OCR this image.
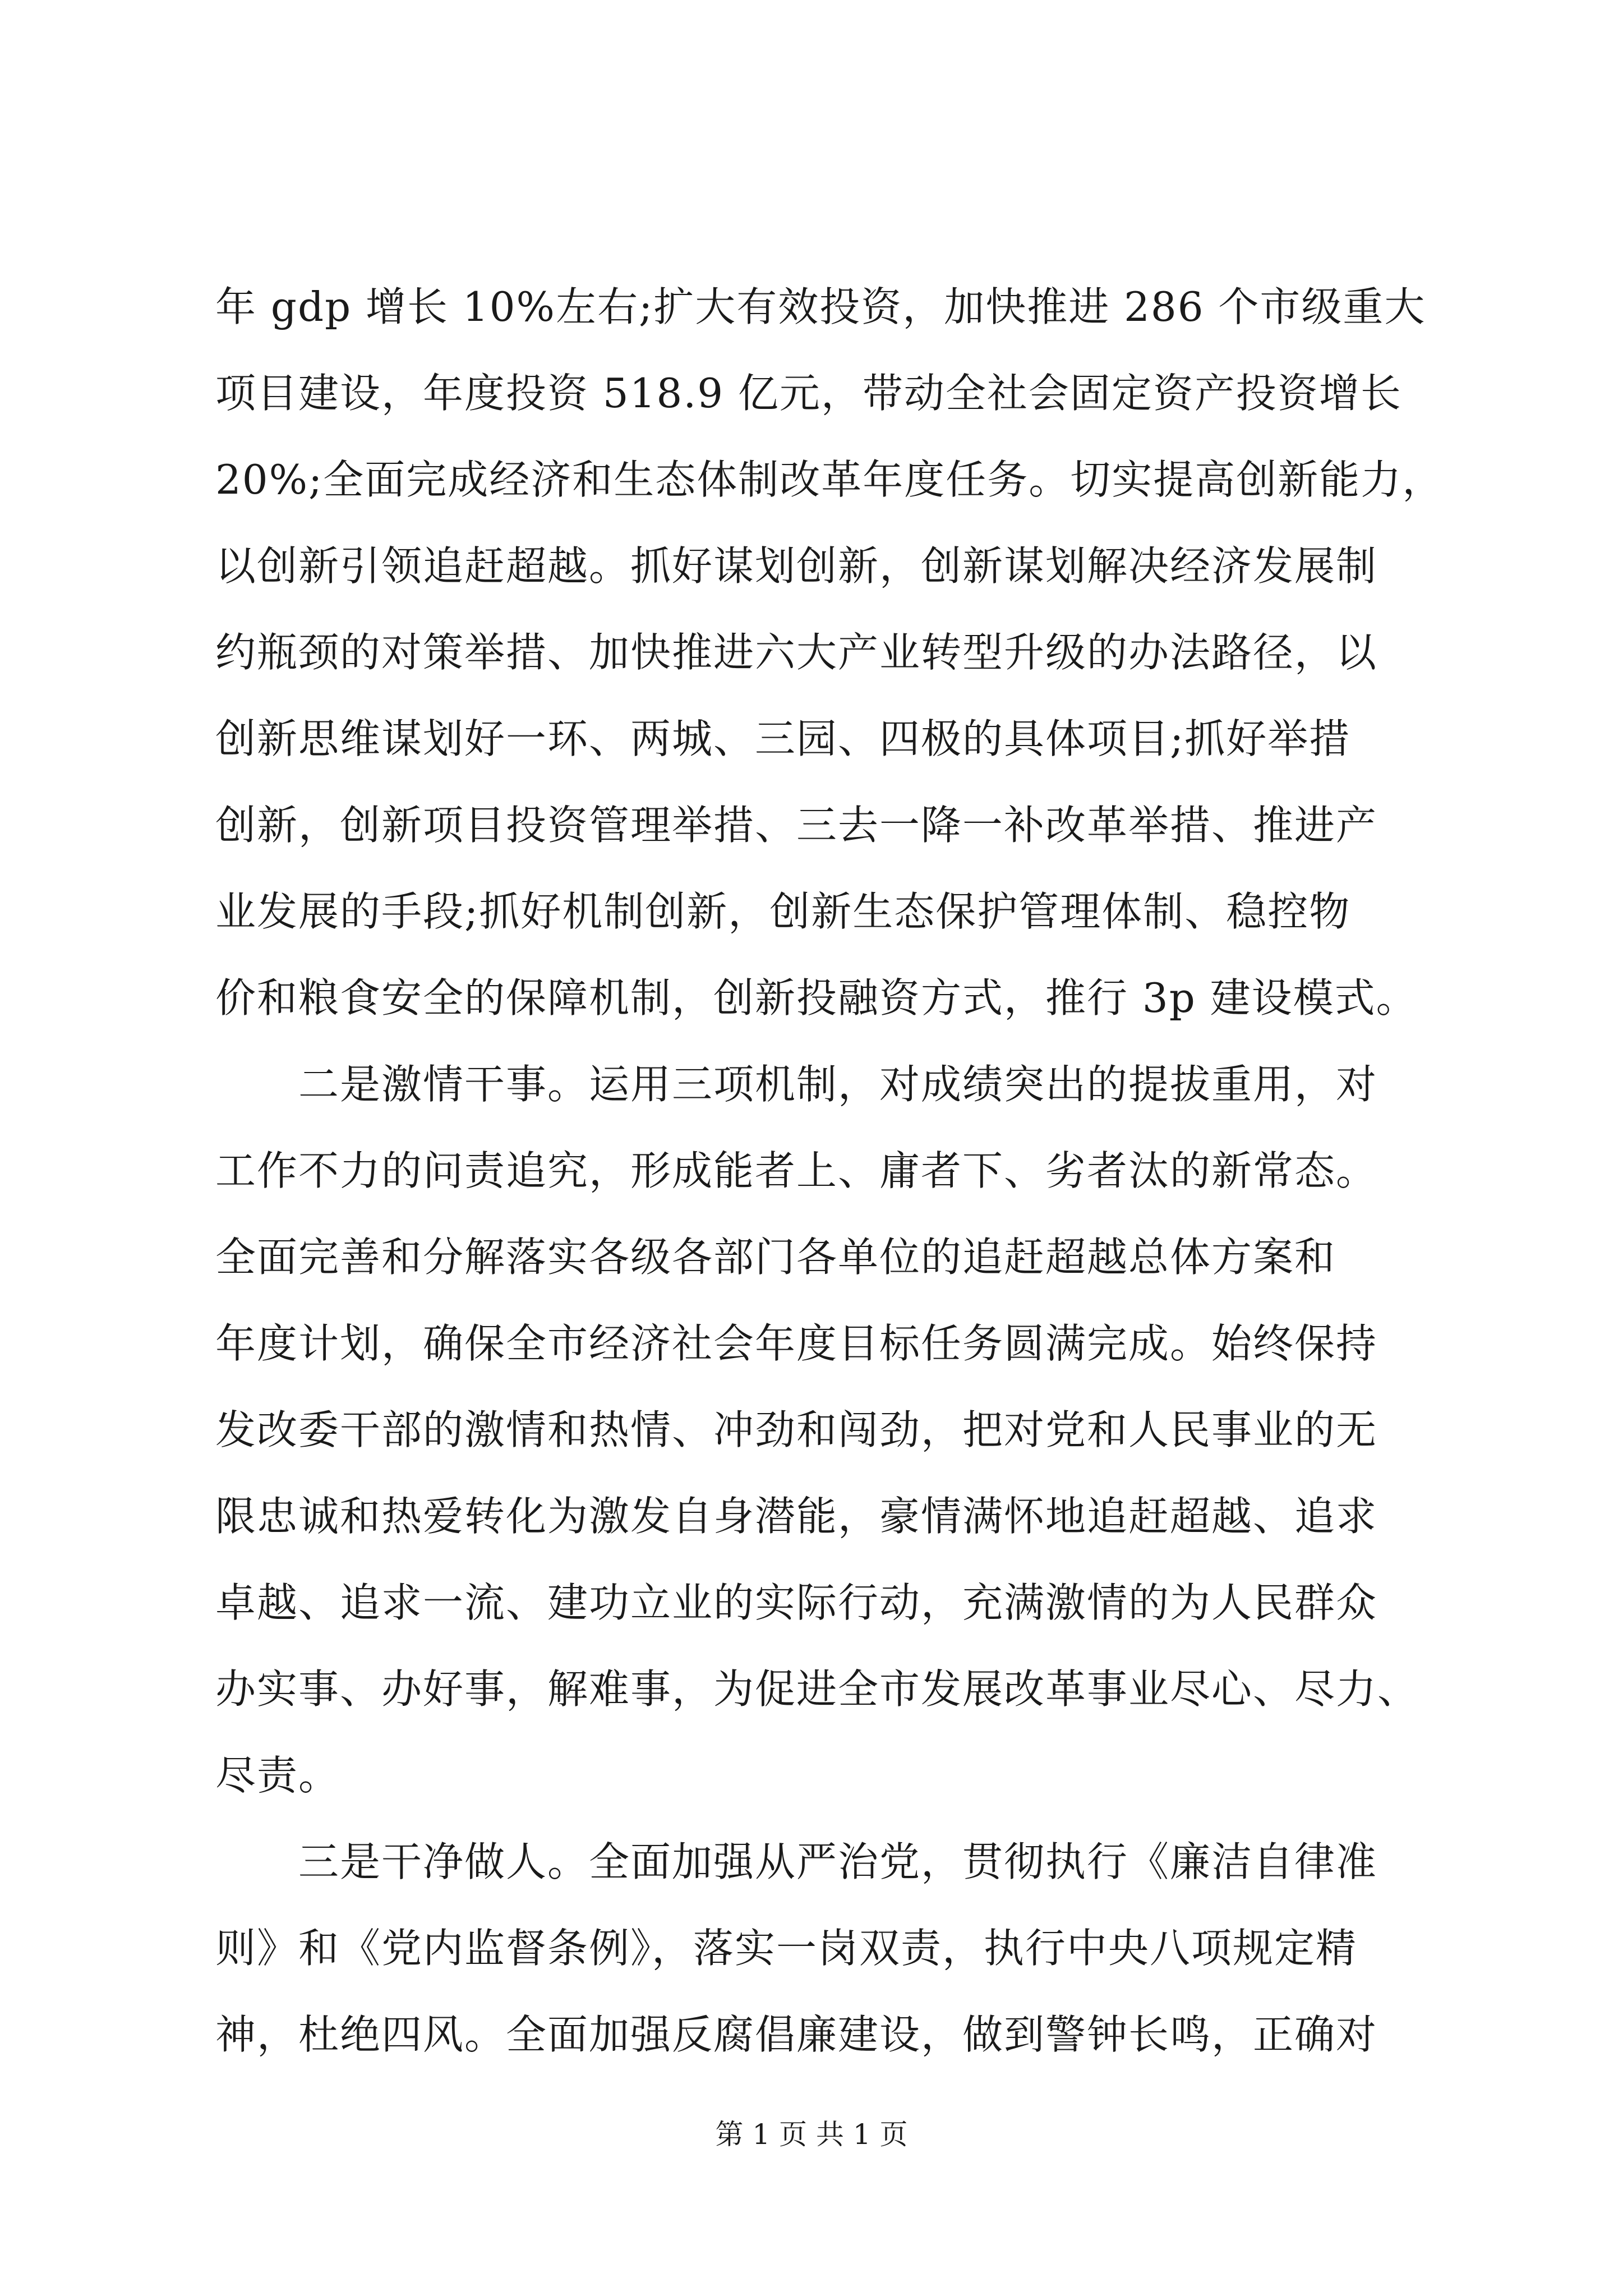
年 gdp 增长 10%左右;扩大有效投资，加快推进 286 个市级重大
项目建设，年度投资 518.9 亿元，带动全社会固定资产投资增长
20%;全面完成经济和生态体制改革年度任务。切实提高创新能力，
以创新引领追赶超越。抓好谋划创新，创新谋划解决经济发展制
约瓶颈的对策举措、加快推进六大产业转型升级的办法路径，以
创新思维谋划好一环、两城、三园、四极的具体项目;抓好举措
创新，创新项目投资管理举措、三去一降一补改革举措、推进产
业发展的手段;抓好机制创新，创新生态保护管理体制、稳控物
价和粮食安全的保障机制，创新投融资方式，推行 3p 建设模式。
　　二是激情干事。运用三项机制，对成绩突出的提拔重用，对
工作不力的问责追究，形成能者上、庸者下、劣者汰的新常态。
全面完善和分解落实各级各部门各单位的追赶超越总体方案和
年度计划，确保全市经济社会年度目标任务圆满完成。始终保持
发改委干部的激情和热情、冲劲和闯劲，把对党和人民事业的无
限忠诚和热爱转化为激发自身潜能，豪情满怀地追赶超越、追求
卓越、追求一流、建功立业的实际行动，充满激情的为人民群众
办实事、办好事，解难事，为促进全市发展改革事业尽心、尽力、
尽责。
　　三是干净做人。全面加强从严治党，贯彻执行《廉洁自律准
则》和《党内监督条例》，落实一岗双责，执行中央八项规定精
神，杜绝四风。全面加强反腐倡廉建设，做到警钟长鸣，正确对
第 1 页 共 1 页
